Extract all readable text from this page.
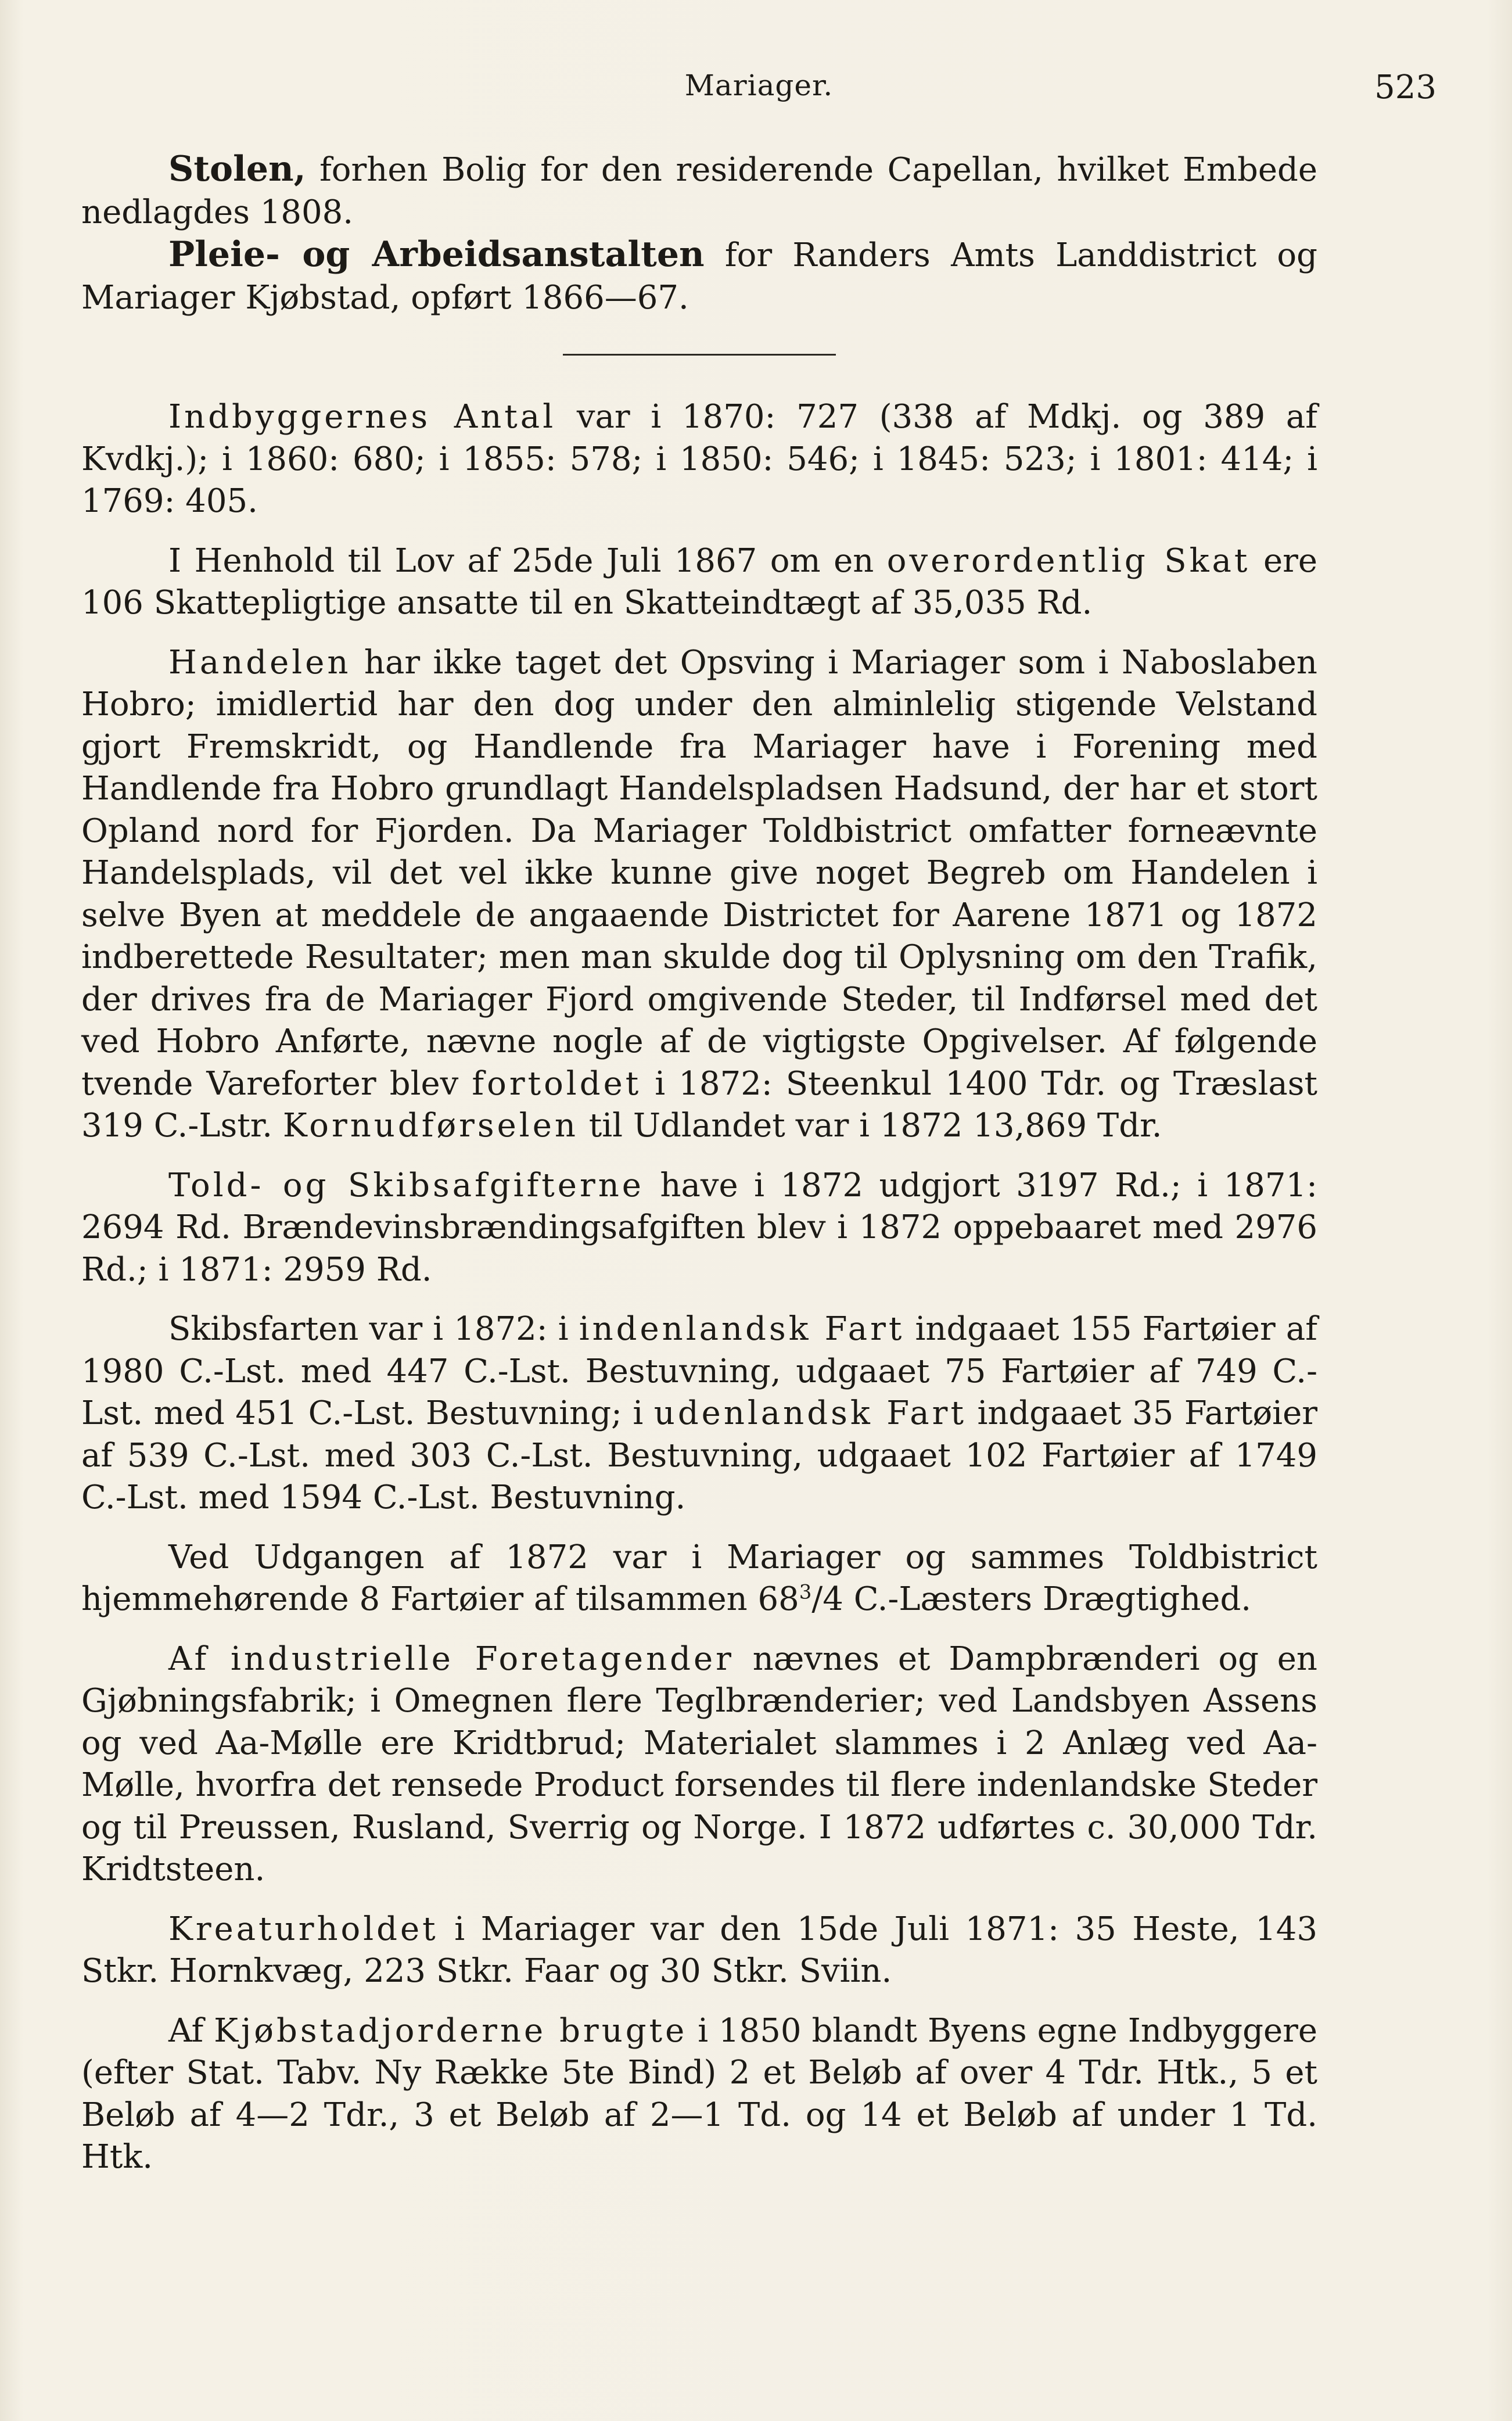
Mariager.	523

Stolen, forhen Bolig for den residerende Capellan, hvilket Embede nedlagdes 1808.

Pleie- og Arbeidsanstalten for Randers Amts Landdistrict og Mariager Kjøbstad, opført 1866—67.

Indbyggernes Antal var i 1870: 727 (338 af Mdkj. og 389 af Kvdkj.); i 1860: 680; i 1855: 578; i 1850: 546; i 1845: 523; i 1801: 414; i 1769: 405.

I Henhold til Lov af 25de Juli 1867 om en overordentlig Skat ere 106 Skattepligtige ansatte til en Skatteindtægt af 35,035 Rd.

Handelen har ikke taget det Opsving i Mariager som i Naboslaben Hobro; imidlertid har den dog under den alminlelig stigende Velstand gjort Fremskridt, og Handlende fra Mariager have i Forening med Handlende fra Hobro grundlagt Handelspladsen Hadsund, der har et stort Opland nord for Fjorden. Da Mariager Toldbistrict omfatter forneævnte Handelsplads, vil det vel ikke kunne give noget Begreb om Handelen i selve Byen at meddele de angaaende Districtet for Aarene 1871 og 1872 indberettede Resultater; men man skulde dog til Oplysning om den Trafik, der drives fra de Mariager Fjord omgivende Steder, til Indførsel med det ved Hobro Anførte, nævne nogle af de vigtigste Opgivelser. Af følgende tvende Vareforter blev fortoldet i 1872: Steenkul 1400 Tdr. og Træslast 319 C.-Lstr. Kornudførselen til Udlandet var i 1872 13,869 Tdr.

Told- og Skibsafgifterne have i 1872 udgjort 3197 Rd.; i 1871: 2694 Rd. Brændevinsbrændingsafgiften blev i 1872 oppebaaret med 2976 Rd.; i 1871: 2959 Rd.

Skibsfarten var i 1872: i indenlandsk Fart indgaaet 155 Fartøier af 1980 C.-Lst. med 447 C.-Lst. Bestuvning, udgaaet 75 Fartøier af 749 C.-Lst. med 451 C.-Lst. Bestuvning; i udenlandsk Fart indgaaet 35 Fartøier af 539 C.-Lst. med 303 C.-Lst. Bestuvning, udgaaet 102 Fartøier af 1749 C.-Lst. med 1594 C.-Lst. Bestuvning.

Ved Udgangen af 1872 var i Mariager og sammes Toldbistrict hjemmehørende 8 Fartøier af tilsammen $68^3/4$ C.-Læsters Drægtighed.

Af industrielle Foretagender nævnes et Dampbrænderi og en Gjøbningsfabrik; i Omegnen flere Teglbrænderier; ved Landsbyen Assens og ved Aa-Mølle ere Kridtbrud; Materialet slammes i 2 Anlæg ved Aa-Mølle, hvorfra det rensede Product forsendes til flere indenlandske Steder og til Preussen, Rusland, Sverrig og Norge. I 1872 udførtes c. 30,000 Tdr. Kridtsteen.

Kreaturholdet i Mariager var den 15de Juli 1871: 35 Heste, 143 Stkr. Hornkvæg, 223 Stkr. Faar og 30 Stkr. Sviin.

Af Kjøbstadjorderne brugte i 1850 blandt Byens egne Indbyggere (efter Stat. Tabv. Ny Række 5te Bind) 2 et Beløb af over 4 Tdr. Htk., 5 et Beløb af 4—2 Tdr., 3 et Beløb af 2—1 Td. og 14 et Beløb af under 1 Td. Htk.
